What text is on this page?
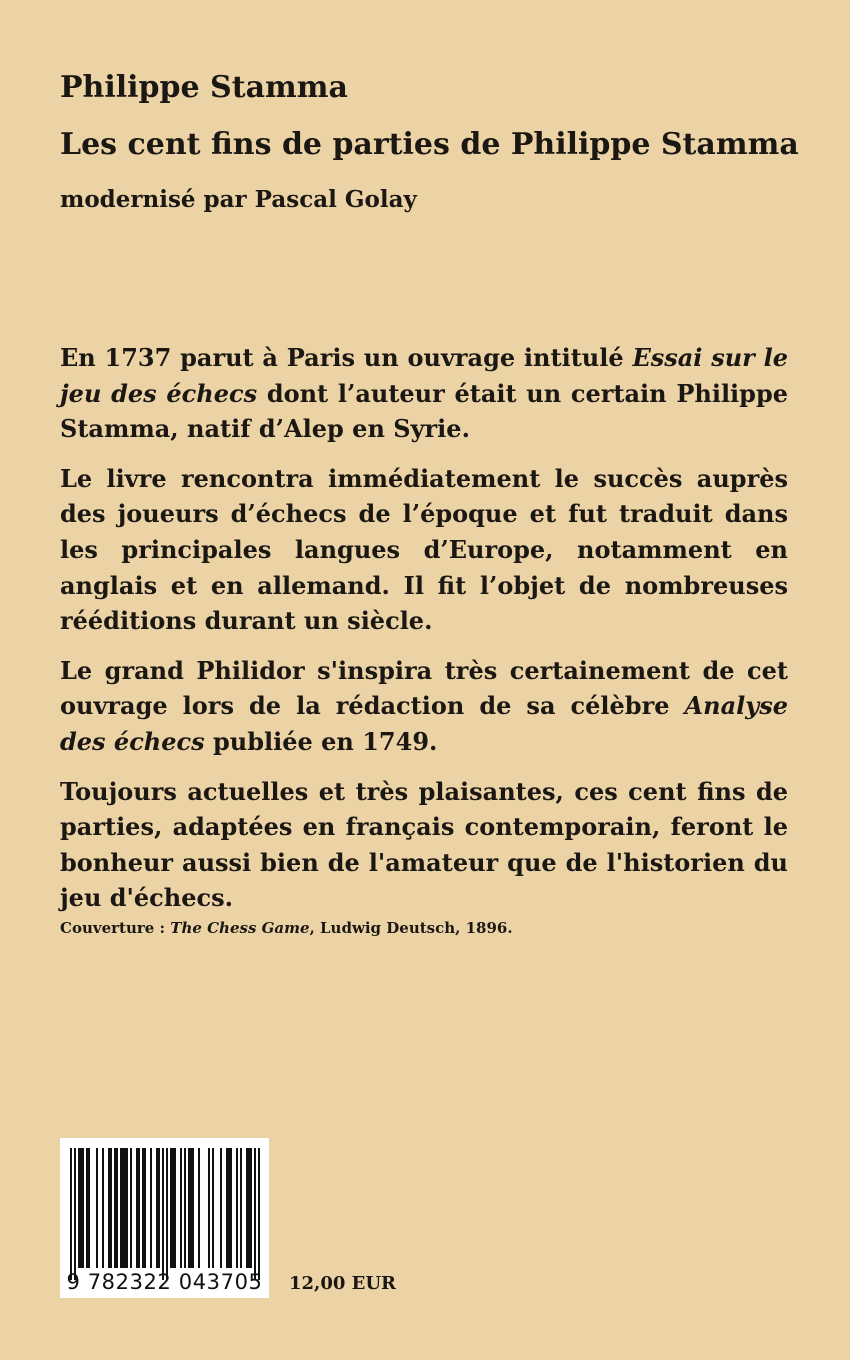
Philippe Stamma
Les cent fins de parties de Philippe Stamma
modernisé par Pascal Golay

En 1737 parut à Paris un ouvrage intitulé Essai sur le jeu des échecs dont l’auteur était un certain Philippe Stamma, natif d’Alep en Syrie.

Le livre rencontra immédiatement le succès auprès des joueurs d’échecs de l’époque et fut traduit dans les principales langues d’Europe, notamment en anglais et en allemand. Il fit l’objet de nombreuses rééditions durant un siècle.

Le grand Philidor s'inspira très certainement de cet ouvrage lors de la rédaction de sa célèbre Analyse des échecs publiée en 1749.

Toujours actuelles et très plaisantes, ces cent fins de parties, adaptées en français contemporain, feront le bonheur aussi bien de l'amateur que de l'historien du jeu d'échecs.

Couverture : The Chess Game, Ludwig Deutsch, 1896.
9 782322 043705	12,00 EUR
